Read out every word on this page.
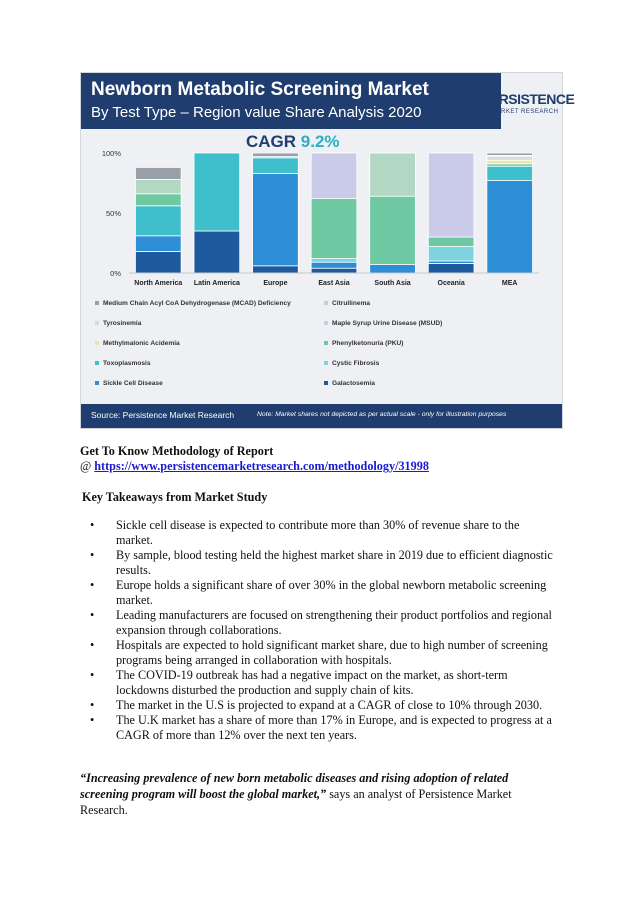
Newborn Metabolic Screening Market
By Test Type – Region value Share Analysis 2020
PERSISTENCE
MARKET RESEARCH
CAGR 9.2%
0%
50%
100%
North America Latin America	Europe	East Asia	South Asia	Oceania	MEA
Medium Chain Acyl CoA Dehydrogenase (MCAD) Deficiency
Tyrosinemia
Methylmalonic Acidemia
Toxoplasmosis
Sickle Cell Disease
Citrullinema
Maple Syrup Urine Disease (MSUD)
Phenylketonuria (PKU)
Cystic Fibrosis
Galactosemia
Source: Persistence Market Research	Note: Market shares not depicted as per actual scale - only for illustration purposes
Get To Know Methodology of Report
@ https://www.persistencemarketresearch.com/methodology/31998
Key Takeaways from Market Study
• Sickle cell disease is expected to contribute more than 30% of revenue share to the market.
• By sample, blood testing held the highest market share in 2019 due to efficient diagnostic results.
• Europe holds a significant share of over 30% in the global newborn metabolic screening market.
• Leading manufacturers are focused on strengthening their product portfolios and regional expansion through collaborations.
• Hospitals are expected to hold significant market share, due to high number of screening programs being arranged in collaboration with hospitals.
• The COVID-19 outbreak has had a negative impact on the market, as short-term lockdowns disturbed the production and supply chain of kits.
• The market in the U.S is projected to expand at a CAGR of close to 10% through 2030.
• The U.K market has a share of more than 17% in Europe, and is expected to progress at a CAGR of more than 12% over the next ten years.
“Increasing prevalence of new born metabolic diseases and rising adoption of related screening program will boost the global market,” says an analyst of Persistence Market Research.
